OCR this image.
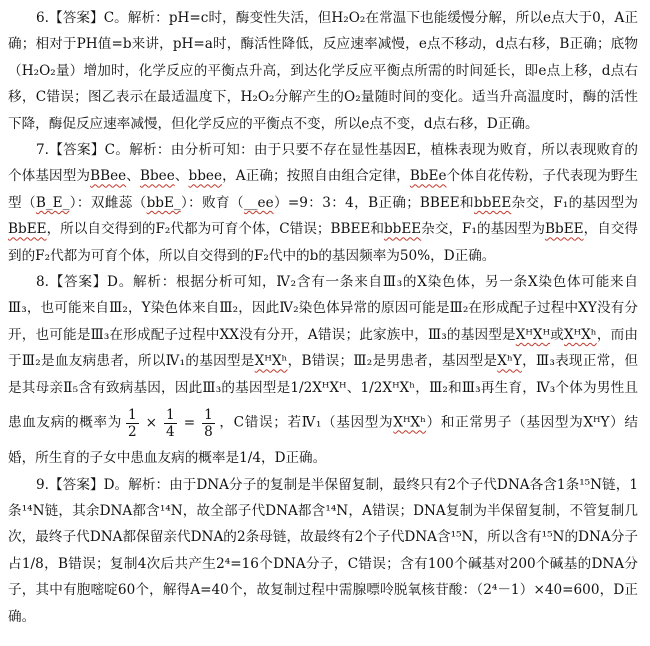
6.【答案】C。解析：pH=c时，酶变性失活，但H₂O₂在常温下也能缓慢分解，所以e点大于0，A正确；相对于PH值=b来讲，pH=a时，酶活性降低，反应速率减慢，e点不移动，d点右移，B正确；底物（H₂O₂量）增加时，化学反应的平衡点升高，到达化学反应平衡点所需的时间延长，即e点上移，d点右移，C错误；图乙表示在最适温度下，H₂O₂分解产生的O₂量随时间的变化。适当升高温度时，酶的活性下降，酶促反应速率减慢，但化学反应的平衡点不变，所以e点不变，d点右移，D正确。

7.【答案】C。解析：由分析可知：由于只要不存在显性基因E，植株表现为败育，所以表现败育的个体基因型为BBee、Bbee、bbee，A正确；按照自由组合定律，BbEe个体自花传粉，子代表现为野生型（B_E_）：双雌蕊（bbE_）：败育（__ee）=9：3：4，B正确；BBEE和bbEE杂交，F₁的基因型为BbEE，所以自交得到的F₂代都为可育个体，C错误；BBEE和bbEE杂交，F₁的基因型为BbEE，自交得到的F₂代都为可育个体，所以自交得到的F₂代中的b的基因频率为50%，D正确。

8.【答案】D。解析：根据分析可知，Ⅳ₂含有一条来自Ⅲ₃的X染色体，另一条X染色体可能来自Ⅲ₃，也可能来自Ⅲ₂，Y染色体来自Ⅲ₂，因此Ⅳ₂染色体异常的原因可能是Ⅲ₂在形成配子过程中XY没有分开，也可能是Ⅲ₃在形成配子过程中XX没有分开，A错误；此家族中，Ⅲ₃的基因型是XᴴXᴴ或XᴴXʰ，而由于Ⅲ₂是血友病患者，所以Ⅳ₁的基因型是XᴴXʰ，B错误；Ⅲ₂是男患者，基因型是XʰY，Ⅲ₃表现正常，但是其母亲Ⅱ₅含有致病基因，因此Ⅲ₃的基因型是1/2XᴴXᴴ、1/2XᴴXʰ，Ⅲ₂和Ⅲ₃再生育，Ⅳ₃个体为男性且患血友病的概率为 $\frac{1}{2} \times \frac{1}{4} = \frac{1}{8}$ ，C错误；若Ⅳ₁（基因型为XᴴXʰ）和正常男子（基因型为XᴴY）结婚，所生育的子女中患血友病的概率是1/4，D正确。

9.【答案】D。解析：由于DNA分子的复制是半保留复制，最终只有2个子代DNA各含1条¹⁵N链，1条¹⁴N链，其余DNA都含¹⁴N，故全部子代DNA都含¹⁴N，A错误；DNA复制为半保留复制，不管复制几次，最终子代DNA都保留亲代DNA的2条母链，故最终有2个子代DNA含¹⁵N，所以含有¹⁵N的DNA分子占1/8，B错误；复制4次后共产生2⁴=16个DNA分子，C错误；含有100个碱基对200个碱基的DNA分子，其中有胞嘧啶60个，解得A=40个，故复制过程中需腺嘌呤脱氧核苷酸：（2⁴－1）×40=600，D正确。
